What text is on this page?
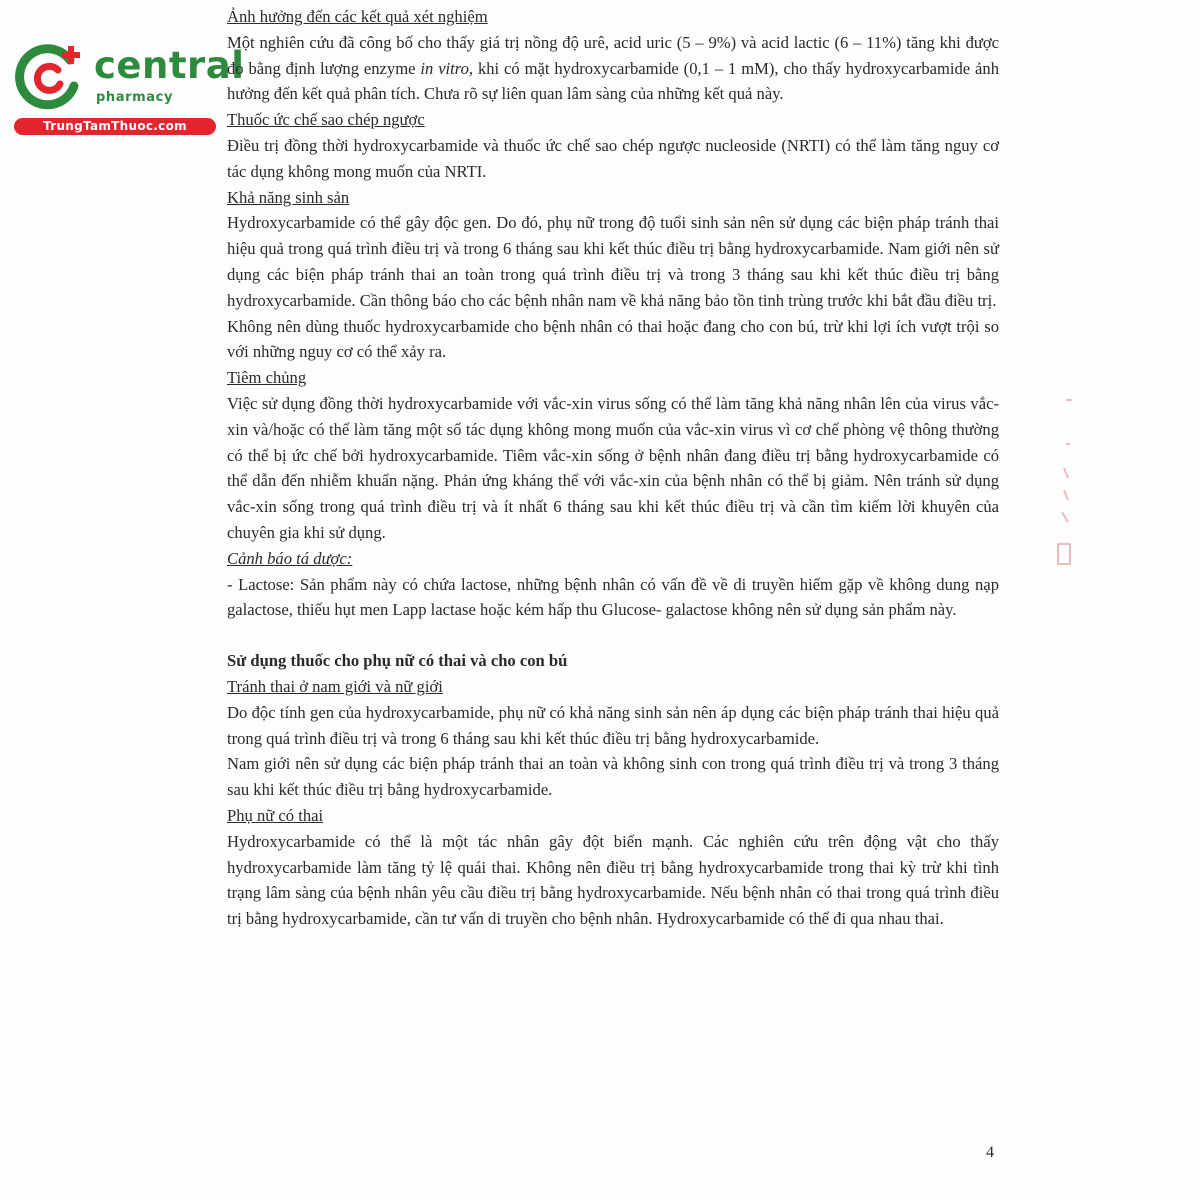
central
pharmacy
TrungTamThuoc.com

Ảnh hưởng đến các kết quả xét nghiệm

Một nghiên cứu đã công bố cho thấy giá trị nồng độ urê, acid uric (5 – 9%) và acid lactic (6 – 11%) tăng khi được đo bằng định lượng enzyme in vitro, khi có mặt hydroxycarbamide (0,1 – 1 mM), cho thấy hydroxycarbamide ảnh hưởng đến kết quả phân tích. Chưa rõ sự liên quan lâm sàng của những kết quả này.

Thuốc ức chế sao chép ngược

Điều trị đồng thời hydroxycarbamide và thuốc ức chế sao chép ngược nucleoside (NRTI) có thể làm tăng nguy cơ tác dụng không mong muốn của NRTI.

Khả năng sinh sản

Hydroxycarbamide có thể gây độc gen. Do đó, phụ nữ trong độ tuổi sinh sản nên sử dụng các biện pháp tránh thai hiệu quả trong quá trình điều trị và trong 6 tháng sau khi kết thúc điều trị bằng hydroxycarbamide. Nam giới nên sử dụng các biện pháp tránh thai an toàn trong quá trình điều trị và trong 3 tháng sau khi kết thúc điều trị bằng hydroxycarbamide. Cần thông báo cho các bệnh nhân nam về khả năng bảo tồn tinh trùng trước khi bắt đầu điều trị.

Không nên dùng thuốc hydroxycarbamide cho bệnh nhân có thai hoặc đang cho con bú, trừ khi lợi ích vượt trội so với những nguy cơ có thể xảy ra.

Tiêm chủng

Việc sử dụng đồng thời hydroxycarbamide với vắc-xin virus sống có thể làm tăng khả năng nhân lên của virus vắc-xin và/hoặc có thể làm tăng một số tác dụng không mong muốn của vắc-xin virus vì cơ chế phòng vệ thông thường có thể bị ức chế bởi hydroxycarbamide. Tiêm vắc-xin sống ở bệnh nhân đang điều trị bằng hydroxycarbamide có thể dẫn đến nhiễm khuẩn nặng. Phản ứng kháng thể với vắc-xin của bệnh nhân có thể bị giảm. Nên tránh sử dụng vắc-xin sống trong quá trình điều trị và ít nhất 6 tháng sau khi kết thúc điều trị và cần tìm kiếm lời khuyên của chuyên gia khi sử dụng.

Cảnh báo tá dược:

- Lactose: Sản phẩm này có chứa lactose, những bệnh nhân có vấn đề về di truyền hiếm gặp về không dung nạp galactose, thiếu hụt men Lapp lactase hoặc kém hấp thu Glucose- galactose không nên sử dụng sản phẩm này.

Sử dụng thuốc cho phụ nữ có thai và cho con bú

Tránh thai ở nam giới và nữ giới

Do độc tính gen của hydroxycarbamide, phụ nữ có khả năng sinh sản nên áp dụng các biện pháp tránh thai hiệu quả trong quá trình điều trị và trong 6 tháng sau khi kết thúc điều trị bằng hydroxycarbamide.

Nam giới nên sử dụng các biện pháp tránh thai an toàn và không sinh con trong quá trình điều trị và trong 3 tháng sau khi kết thúc điều trị bằng hydroxycarbamide.

Phụ nữ có thai

Hydroxycarbamide có thể là một tác nhân gây đột biến mạnh. Các nghiên cứu trên động vật cho thấy hydroxycarbamide làm tăng tỷ lệ quái thai. Không nên điều trị bằng hydroxycarbamide trong thai kỳ trừ khi tình trạng lâm sàng của bệnh nhân yêu cầu điều trị bằng hydroxycarbamide. Nếu bệnh nhân có thai trong quá trình điều trị bằng hydroxycarbamide, cần tư vấn di truyền cho bệnh nhân. Hydroxycarbamide có thể đi qua nhau thai.

4
